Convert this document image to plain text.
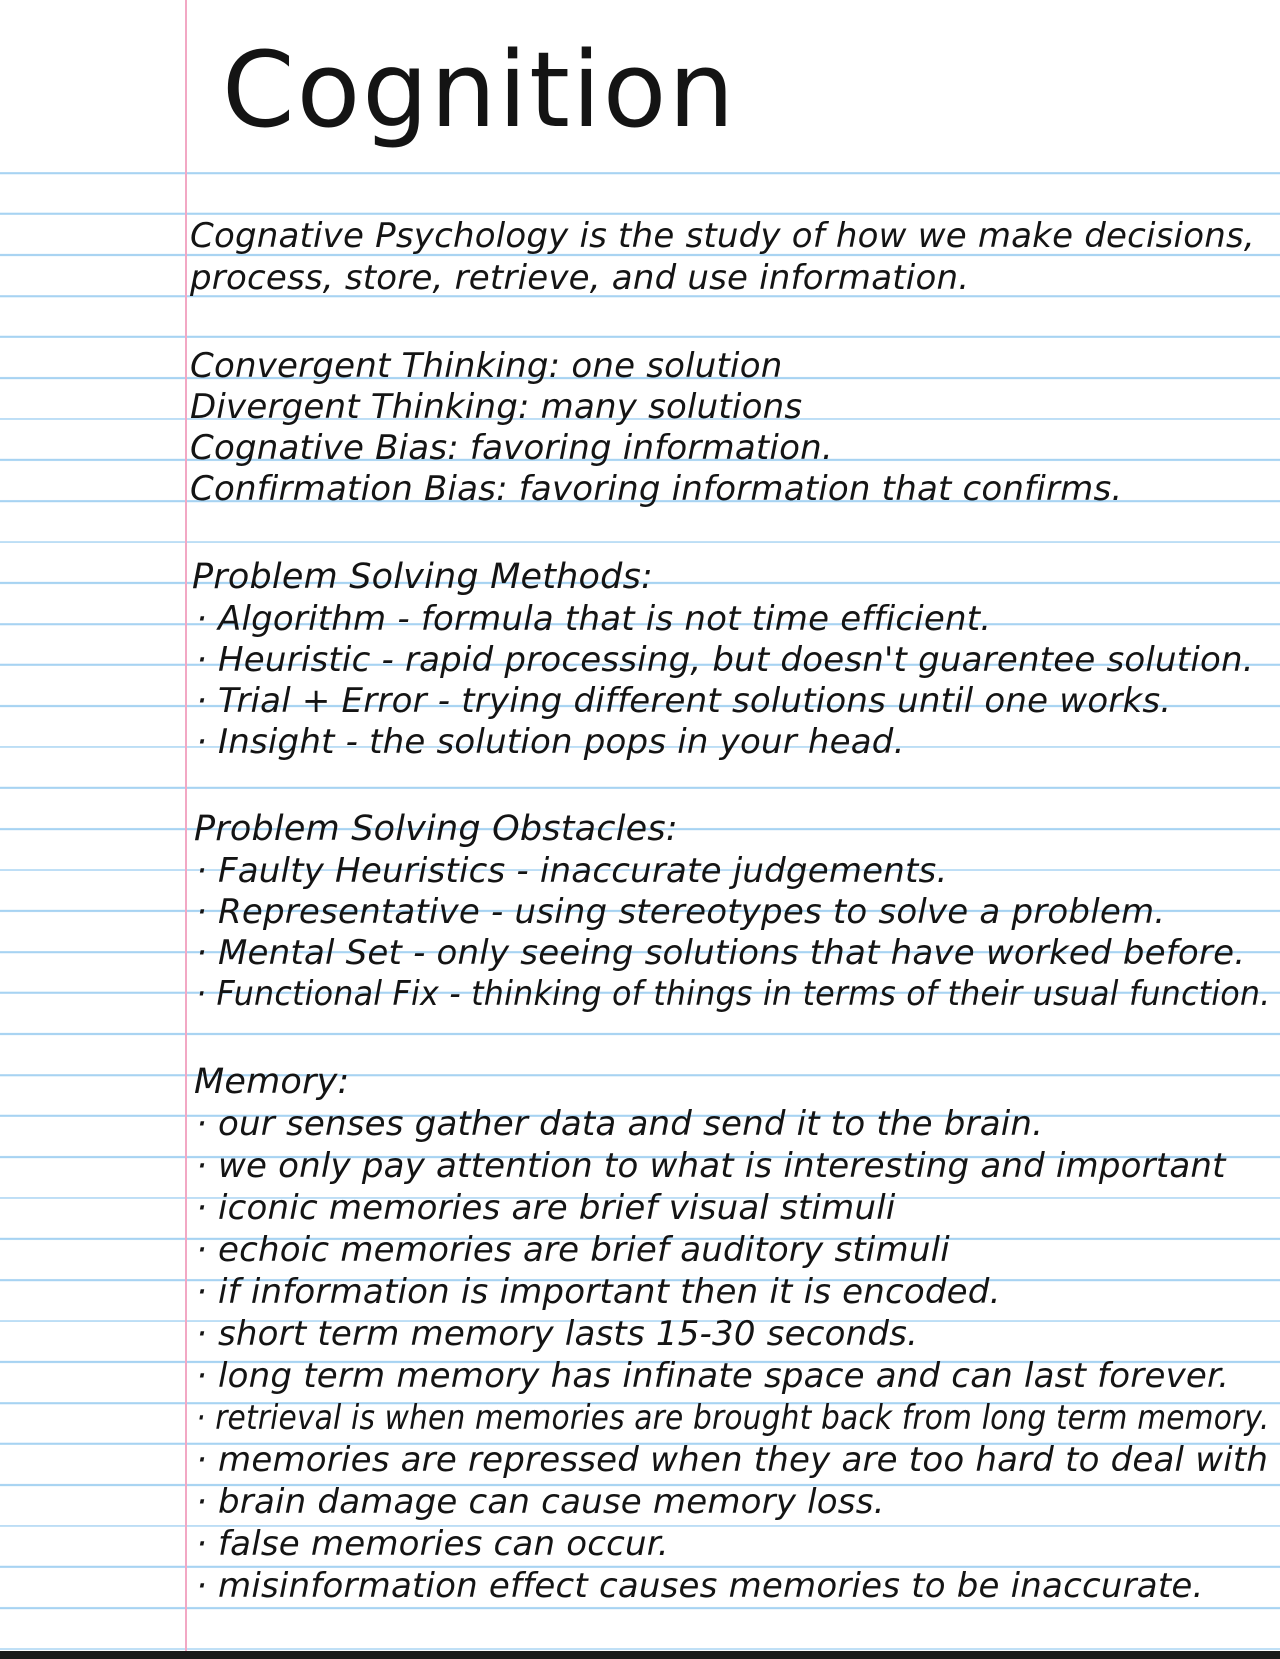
Cognition
Cognative Psychology is the study of how we make decisions,
process, store, retrieve, and use information.
Convergent Thinking: one solution
Divergent Thinking: many solutions
Cognative Bias: favoring information.
Confirmation Bias: favoring information that confirms.
Problem Solving Methods:
· Algorithm - formula that is not time efficient.
· Heuristic - rapid processing, but doesn't guarentee solution.
· Trial + Error - trying different solutions until one works.
· Insight - the solution pops in your head.
Problem Solving Obstacles:
· Faulty Heuristics - inaccurate judgements.
· Representative - using stereotypes to solve a problem.
· Mental Set - only seeing solutions that have worked before.
· Functional Fix - thinking of things in terms of their usual function.
Memory:
· our senses gather data and send it to the brain.
· we only pay attention to what is interesting and important
· iconic memories are brief visual stimuli
· echoic memories are brief auditory stimuli
· if information is important then it is encoded.
· short term memory lasts 15-30 seconds.
· long term memory has infinate space and can last forever.
· retrieval is when memories are brought back from long term memory.
· memories are repressed when they are too hard to deal with
· brain damage can cause memory loss.
· false memories can occur.
· misinformation effect causes memories to be inaccurate.
